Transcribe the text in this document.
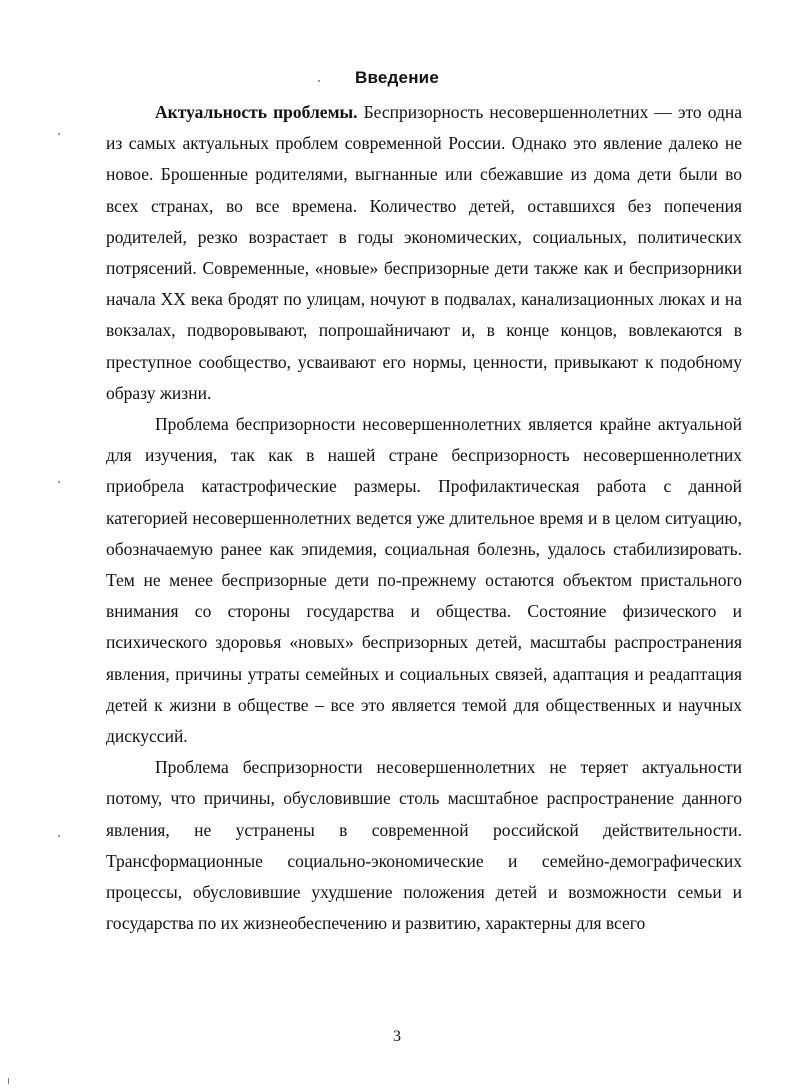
Введение

Актуальность проблемы. Беспризорность несовершеннолетних — это одна из самых актуальных проблем современной России. Однако это явление далеко не новое. Брошенные родителями, выгнанные или сбежавшие из дома дети были во всех странах, во все времена. Количество детей, оставшихся без попечения родителей, резко возрастает в годы экономических, социальных, политических потрясений. Современные, «новые» беспризорные дети также как и беспризорники начала XX века бродят по улицам, ночуют в подвалах, канализационных люках и на вокзалах, подворовывают, попрошайничают и, в конце концов, вовлекаются в преступное сообщество, усваивают его нормы, ценности, привыкают к подобному образу жизни.

Проблема беспризорности несовершеннолетних является крайне актуальной для изучения, так как в нашей стране беспризорность несовершеннолетних приобрела катастрофические размеры. Профилактическая работа с данной категорией несовершеннолетних ведется уже длительное время и в целом ситуацию, обозначаемую ранее как эпидемия, социальная болезнь, удалось стабилизировать. Тем не менее беспризорные дети по-прежнему остаются объектом пристального внимания со стороны государства и общества. Состояние физического и психического здоровья «новых» беспризорных детей, масштабы распространения явления, причины утраты семейных и социальных связей, адаптация и реадаптация детей к жизни в обществе – все это является темой для общественных и научных дискуссий.

Проблема беспризорности несовершеннолетних не теряет актуальности потому, что причины, обусловившие столь масштабное распространение данного явления, не устранены в современной российской действительности. Трансформационные социально-экономические и семейно-демографических процессы, обусловившие ухудшение положения детей и возможности семьи и государства по их жизнеобеспечению и развитию, характерны для всего

3
